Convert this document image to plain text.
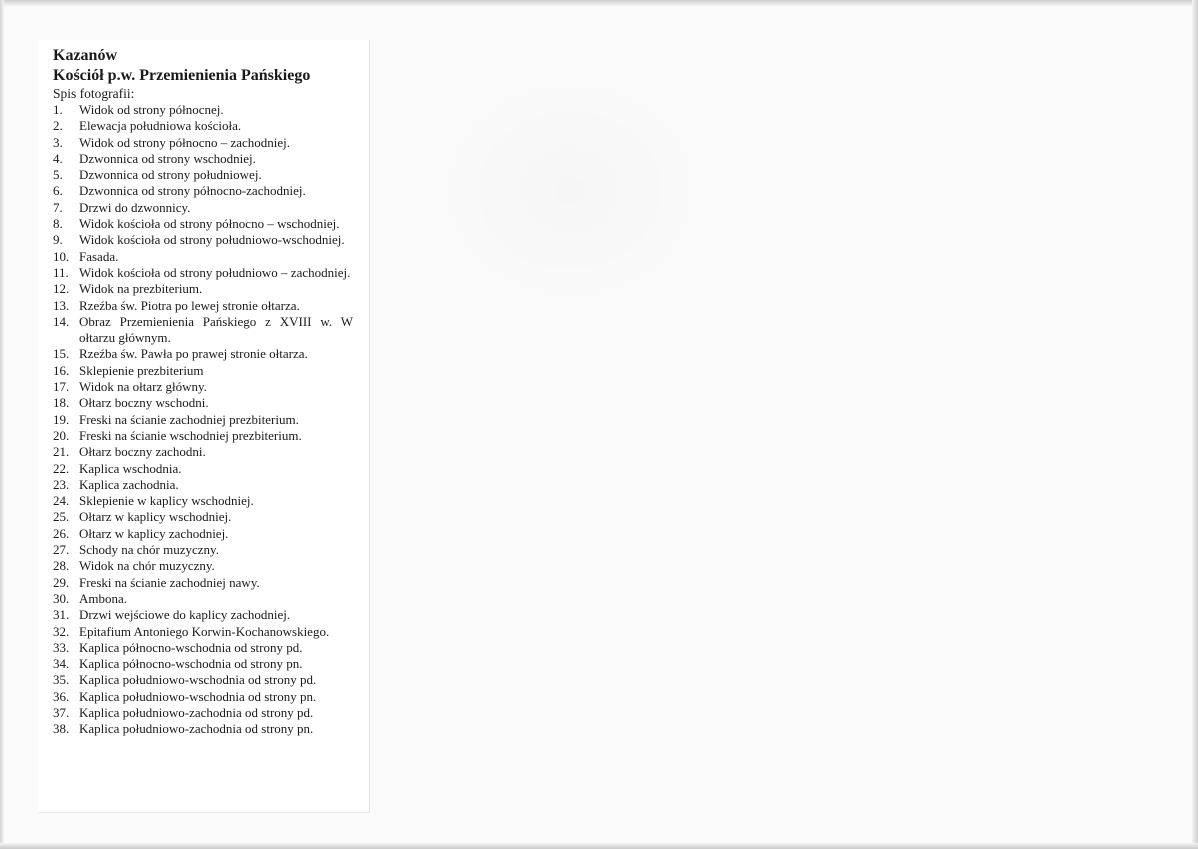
Kazanów

Kościół p.w. Przemienienia Pańskiego

Spis fotografii:

1.	Widok od strony północnej.
2.	Elewacja południowa kościoła.
3.	Widok od strony północno – zachodniej.
4.	Dzwonnica od strony wschodniej.
5.	Dzwonnica od strony południowej.
6.	Dzwonnica od strony północno-zachodniej.
7.	Drzwi do dzwonnicy.
8.	Widok kościoła od strony północno – wschodniej.
9.	Widok kościoła od strony południowo-wschodniej.
10. Fasada.
11. Widok kościoła od strony południowo – zachodniej.
12. Widok na prezbiterium.
13. Rzeźba św. Piotra po lewej stronie ołtarza.
14. Obraz Przemienienia Pańskiego z XVIII w. W ołtarzu głównym.
15. Rzeźba św. Pawła po prawej stronie ołtarza.
16. Sklepienie prezbiterium
17. Widok na ołtarz główny.
18. Ołtarz boczny wschodni.
19. Freski na ścianie zachodniej prezbiterium.
20. Freski na ścianie wschodniej prezbiterium.
21. Ołtarz boczny zachodni.
22. Kaplica wschodnia.
23. Kaplica zachodnia.
24. Sklepienie w kaplicy wschodniej.
25. Ołtarz w kaplicy wschodniej.
26. Ołtarz w kaplicy zachodniej.
27. Schody na chór muzyczny.
28. Widok na chór muzyczny.
29. Freski na ścianie zachodniej nawy.
30. Ambona.
31. Drzwi wejściowe do kaplicy zachodniej.
32. Epitafium Antoniego Korwin-Kochanowskiego.
33. Kaplica północno-wschodnia od strony pd.
34. Kaplica północno-wschodnia od strony pn.
35. Kaplica południowo-wschodnia od strony pd.
36. Kaplica południowo-wschodnia od strony pn.
37. Kaplica południowo-zachodnia od strony pd.
38. Kaplica południowo-zachodnia od strony pn.
